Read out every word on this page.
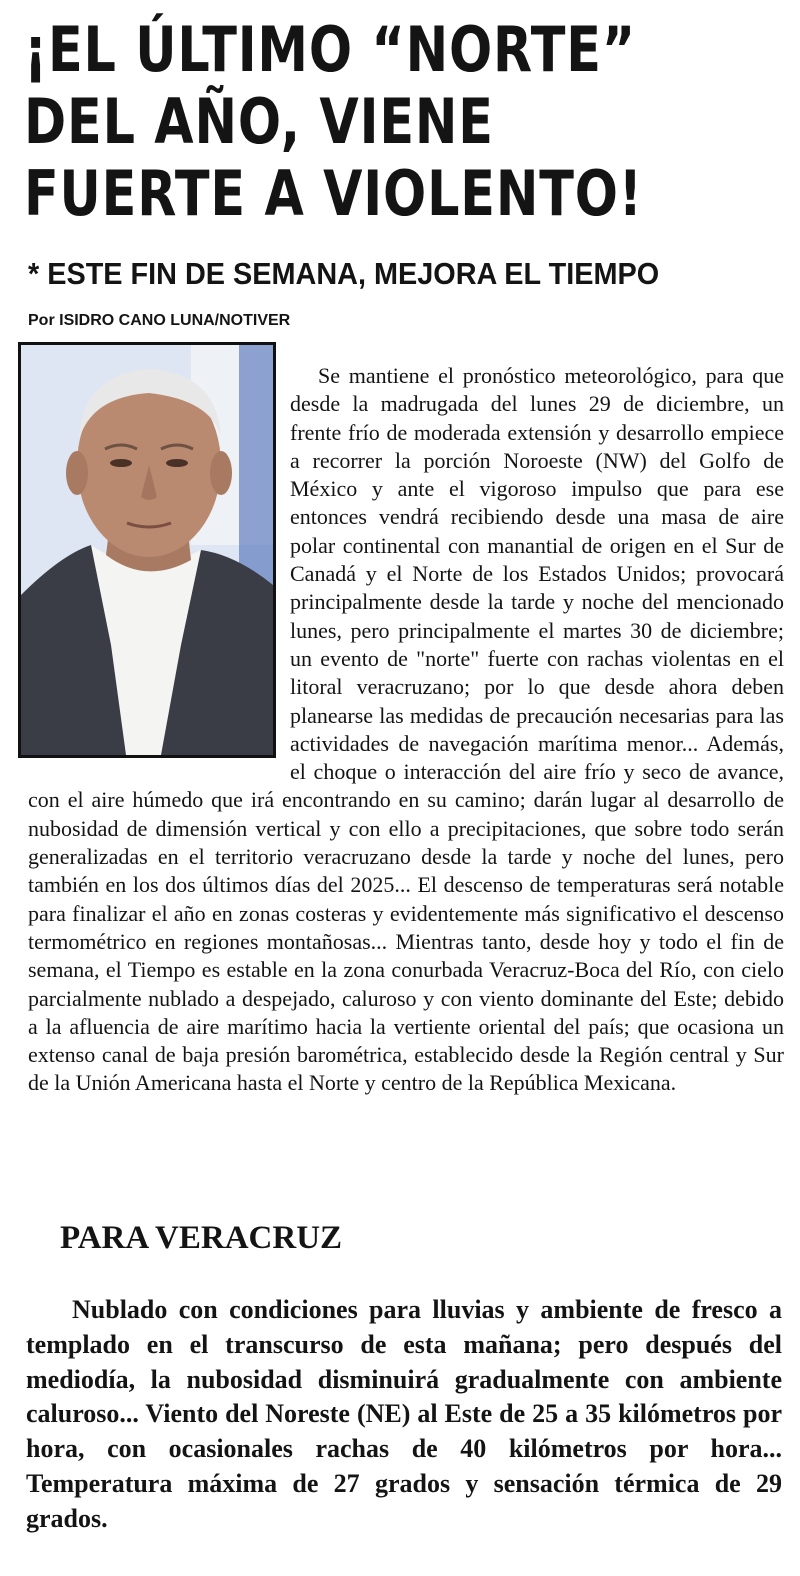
¡EL ÚLTIMO “NORTE”
DEL AÑO, VIENE
FUERTE A VIOLENTO!
* ESTE FIN DE SEMANA, MEJORA EL TIEMPO

Por ISIDRO CANO LUNA/NOTIVER

Se mantiene el pronóstico meteorológico, para que desde la madrugada del lunes 29 de diciembre, un frente frío de moderada extensión y desarrollo empiece a recorrer la porción Noroeste (NW) del Golfo de México y ante el vigoroso impulso que para ese entonces vendrá recibiendo desde una masa de aire polar continental con manantial de origen en el Sur de Canadá y el Norte de los Estados Unidos; provocará principalmente desde la tarde y noche del mencionado lunes, pero principalmente el martes 30 de diciembre; un evento de "norte" fuerte con rachas violentas en el litoral veracruzano; por lo que desde ahora deben planearse las medidas de precaución necesarias para las actividades de navegación marítima menor... Además, el choque o interacción del aire frío y seco de avance, con el aire húmedo que irá encontrando en su camino; darán lugar al desarrollo de nubosidad de dimensión vertical y con ello a precipitaciones, que sobre todo serán generalizadas en el territorio veracruzano desde la tarde y noche del lunes, pero también en los dos últimos días del 2025... El descenso de temperaturas será notable para finalizar el año en zonas costeras y evidentemente más significativo el descenso termométrico en regiones montañosas... Mientras tanto, desde hoy y todo el fin de semana, el Tiempo es estable en la zona conurbada Veracruz-Boca del Río, con cielo parcialmente nublado a despejado, caluroso y con viento dominante del Este; debido a la afluencia de aire marítimo hacia la vertiente oriental del país; que ocasiona un extenso canal de baja presión barométrica, establecido desde la Región central y Sur de la Unión Americana hasta el Norte y centro de la República Mexicana.

PARA VERACRUZ

Nublado con condiciones para lluvias y ambiente de fresco a templado en el transcurso de esta mañana; pero después del mediodía, la nubosidad disminuirá gradualmente con ambiente caluroso... Viento del Noreste (NE) al Este de 25 a 35 kilómetros por hora, con ocasionales rachas de 40 kilómetros por hora... Temperatura máxima de 27 grados y sensación térmica de 29 grados.
